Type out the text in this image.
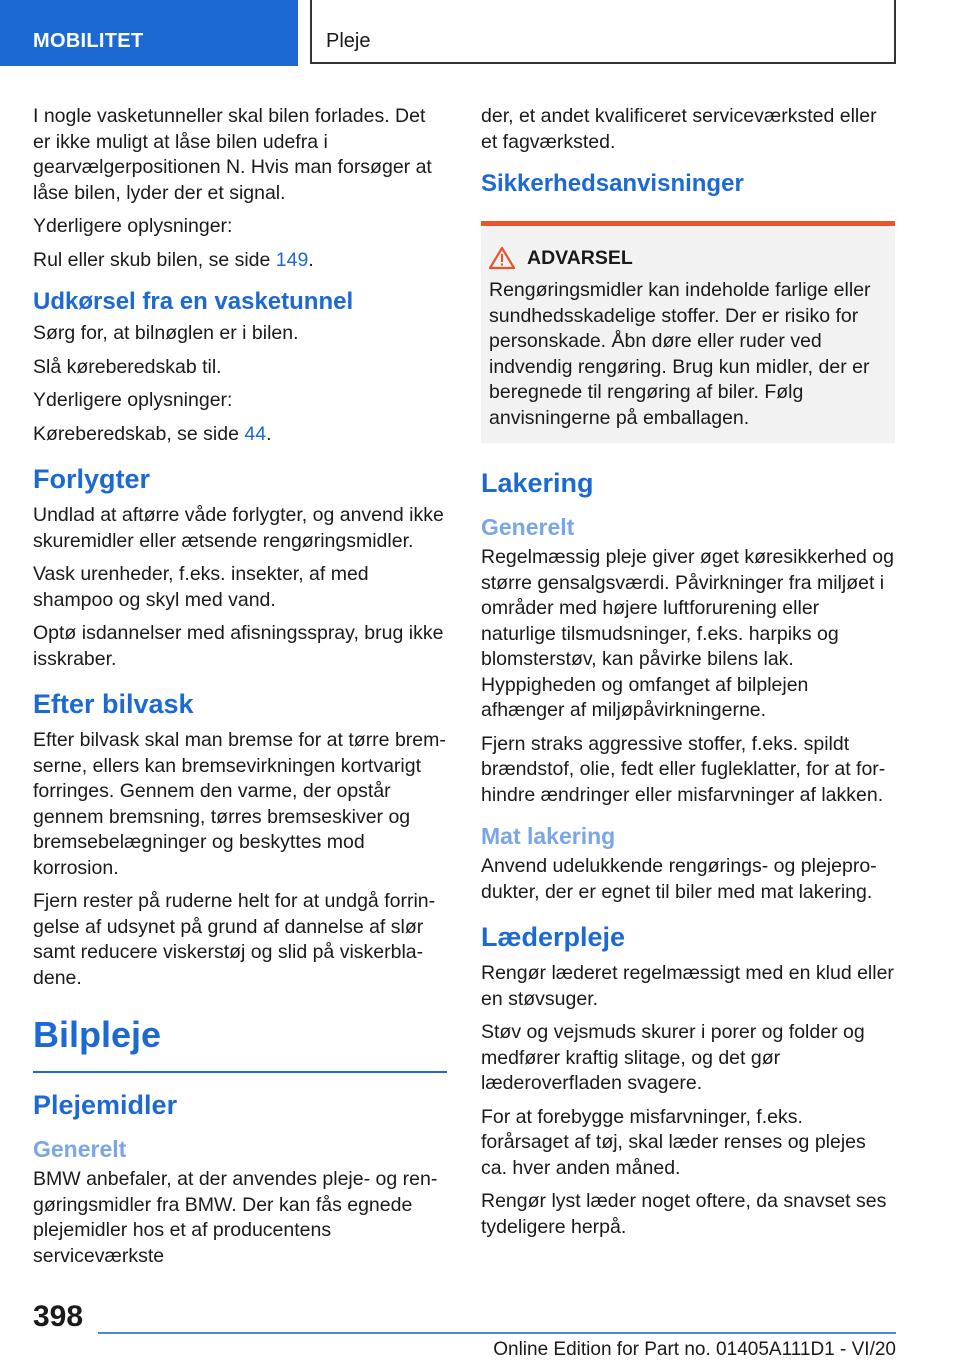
MOBILITET	Pleje

I nogle vasketunneller skal bilen forlades. Det er ikke muligt at låse bilen udefra i gearvælgerpositionen N. Hvis man forsøger at låse bilen, lyder der et signal.

Yderligere oplysninger:

Rul eller skub bilen, se side 149.

Udkørsel fra en vasketunnel

Sørg for, at bilnøglen er i bilen.

Slå køreberedskab til.

Yderligere oplysninger:

Køreberedskab, se side 44.

Forlygter

Undlad at aftørre våde forlygter, og anvend ikke skuremidler eller ætsende rengøringsmidler.

Vask urenheder, f.eks. insekter, af med shampoo og skyl med vand.

Optø isdannelser med afisningsspray, brug ikke isskraber.

Efter bilvask

Efter bilvask skal man bremse for at tørre bremserne, ellers kan bremsevirkningen kortvarigt forringes. Gennem den varme, der opstår gennem bremsning, tørres bremseskiver og bremsebelægninger og beskyttes mod korrosion.

Fjern rester på ruderne helt for at undgå forringelse af udsynet på grund af dannelse af slør samt reducere viskerstøj og slid på viskerbladene.

Bilpleje
Plejemidler
Generelt

BMW anbefaler, at der anvendes pleje- og rengøringsmidler fra BMW. Der kan fås egnede plejemidler hos et af producentens serviceværkste

der, et andet kvalificeret serviceværksted eller et fagværksted.

Sikkerhedsanvisninger
ADVARSEL

Rengøringsmidler kan indeholde farlige eller sundhedsskadelige stoffer. Der er risiko for personskade. Åbn døre eller ruder ved indvendig rengøring. Brug kun midler, der er beregnede til rengøring af biler. Følg anvisningerne på emballagen.

Lakering
Generelt

Regelmæssig pleje giver øget køresikkerhed og større gensalgsværdi. Påvirkninger fra miljøet i områder med højere luftforurening eller naturlige tilsmudsninger, f.eks. harpiks og blomsterstøv, kan påvirke bilens lak. Hyppigheden og omfanget af bilplejen afhænger af miljøpåvirkningerne.

Fjern straks aggressive stoffer, f.eks. spildt brændstof, olie, fedt eller fugleklatter, for at forhindre ændringer eller misfarvninger af lakken.

Mat lakering

Anvend udelukkende rengørings- og plejeprodukter, der er egnet til biler med mat lakering.

Læderpleje

Rengør læderet regelmæssigt med en klud eller en støvsuger.

Støv og vejsmuds skurer i porer og folder og medfører kraftig slitage, og det gør læderoverfladen svagere.

For at forebygge misfarvninger, f.eks. forårsaget af tøj, skal læder renses og plejes ca. hver anden måned.

Rengør lyst læder noget oftere, da snavset ses tydeligere herpå.

398
Online Edition for Part no. 01405A111D1 - VI/20
